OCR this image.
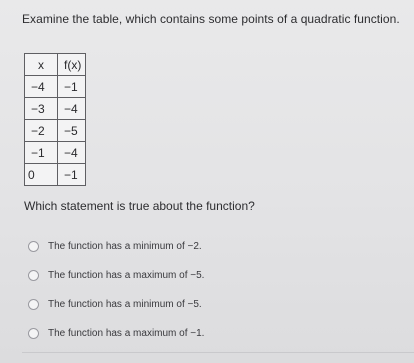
Examine the table, which contains some points of a quadratic function.
x	f(x)
−4	−1
−3	−4
−2	−5
−1	−4
0	−1
Which statement is true about the function?
The function has a minimum of −2.
The function has a maximum of −5.
The function has a minimum of −5.
The function has a maximum of −1.
